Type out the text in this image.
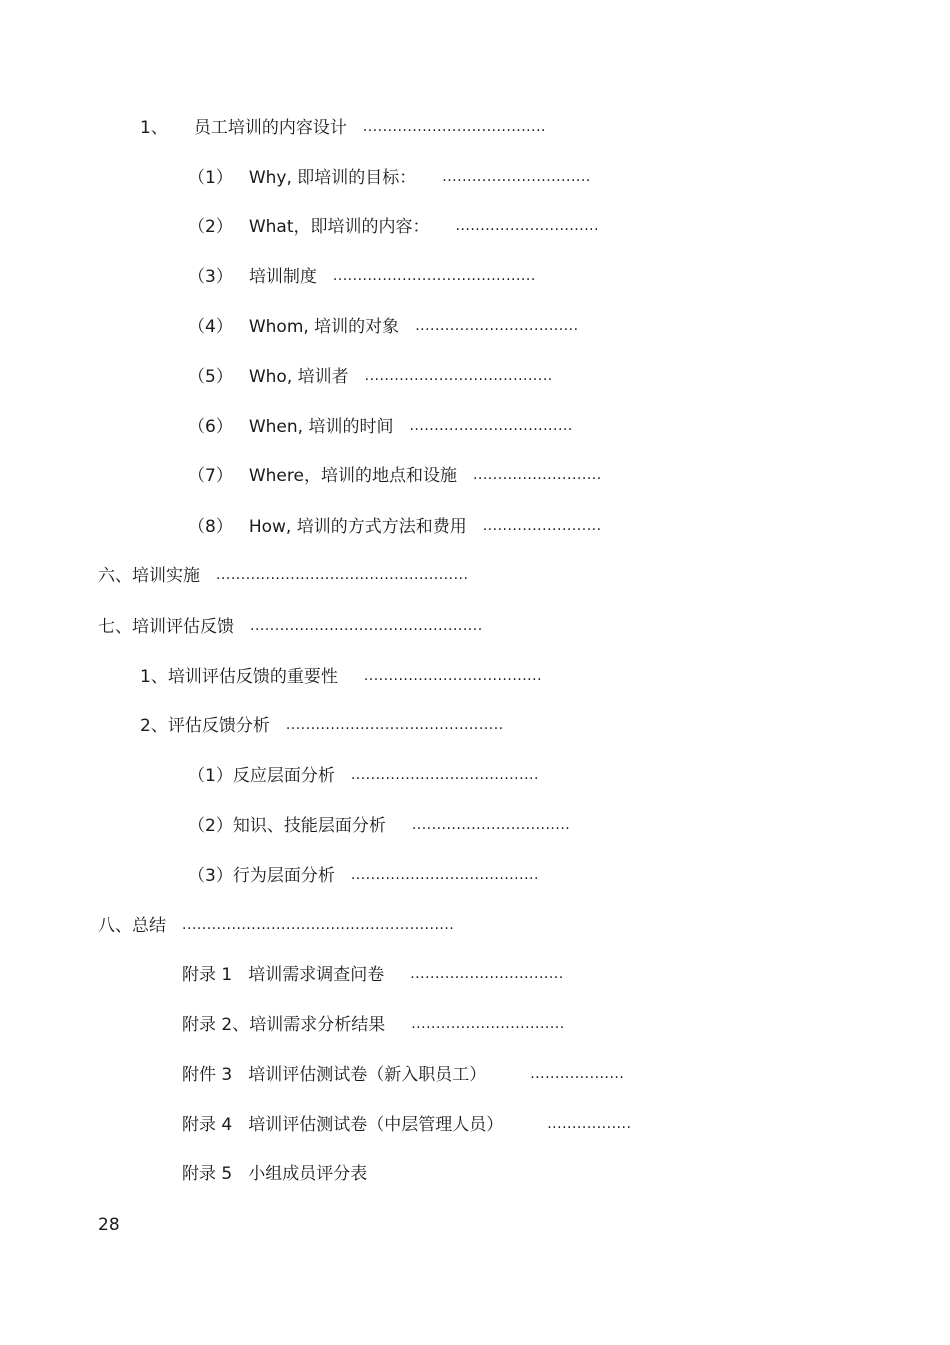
1、 员工培训的内容设计 .....................................
（1） Why, 即培训的目标： ..............................
（2） What，即培训的内容： .............................
（3） 培训制度 .........................................
（4） Whom, 培训的对象 .................................
（5） Who, 培训者 ......................................
（6） When, 培训的时间 .................................
（7） Where，培训的地点和设施 ..........................
（8） How, 培训的方式方法和费用 ........................
六、培训实施 ...................................................
七、培训评估反馈 ...............................................
1、培训评估反馈的重要性 ....................................
2、评估反馈分析 ............................................
（1）反应层面分析 ......................................
（2）知识、技能层面分析 ................................
（3）行为层面分析 ......................................
八、总结 .......................................................
附录 1 培训需求调查问卷 ...............................
附录 2、培训需求分析结果 ...............................
附件 3 培训评估测试卷（新入职员工）	...................
附录 4 培训评估测试卷（中层管理人员）	.................
附录 5 小组成员评分表
28
